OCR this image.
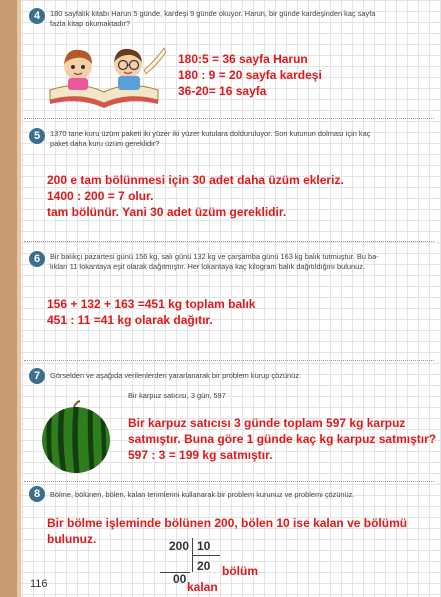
4	180 sayfalık kitabı Harun 5 günde, kardeşi 9 günde okuyor. Harun, bir günde kardeşinden kaç sayfa
fazla kitap okumaktadır?
180:5 = 36 sayfa Harun
180 : 9 = 20 sayfa kardeşi
36-20= 16 sayfa
5	1370 tane kuru üzüm paketi iki yüzer iki yüzer kutulara dolduruluyor. Son kutunun dolması için kaç
paket daha kuru üzüm gereklidir?
200 e tam bölünmesi için 30 adet daha üzüm ekleriz.
1400 : 200 = 7 olur.
tam bölünür. Yani 30 adet üzüm gereklidir.
6	Bir balıkçı pazartesi günü 156 kg, salı günü 132 kg ve çarşamba günü 163 kg balık tutmuştur. Bu ba-
lıkları 11 lokantaya eşit olarak dağıtmıştır. Her lokantaya kaç kilogram balık dağıtıldığını bulunuz.
156 + 132 + 163 =451 kg toplam balık
451 : 11 =41 kg olarak dağıtır.
7	Görselden ve aşağıda verilenlerden yararlanarak bir problem kurup çözünüz.
Bir karpuz satıcısı, 3 gün, 597
Bir karpuz satıcısı 3 günde toplam 597 kg karpuz
satmıştır. Buna göre 1 günde kaç kg karpuz satmıştır?
597 : 3 = 199 kg satmıştır.
8	Bölme, bölünen, bölen, kalan terimlerini kullanarak bir problem kurunuz ve problemi çözünüz.
Bir bölme işleminde bölünen 200, bölen 10 ise kalan ve bölümü
bulunuz.	200 10
20 bölüm
00
kalan
116
